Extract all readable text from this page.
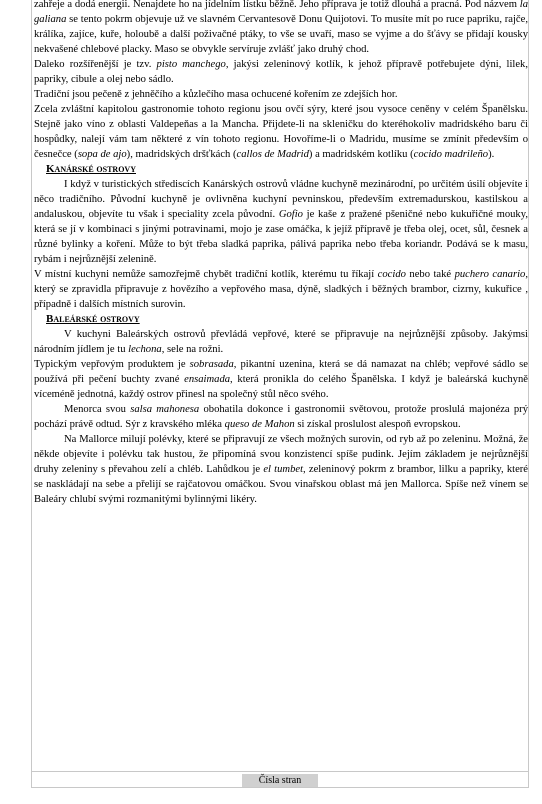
zahřeje a dodá energii. Nenajdete ho na jídelním lístku běžně. Jeho příprava je totiž dlouhá a pracná. Pod názvem la galiana se tento pokrm objevuje už ve slavném Cervantesově Donu Quijotovi. To musíte mít po ruce papriku, rajče, králíka, zajíce, kuře, holoubě a další poživačné ptáky, to vše se uvaří, maso se vyjme a do šťávy se přidají kousky nekvašené chlebové placky. Maso se obvykle servíruje zvlášť jako druhý chod.

Daleko rozšířenější je tzv. pisto manchego, jakýsi zeleninový kotlík, k jehož přípravě potřebujete dýni, lilek, papriky, cibule a olej nebo sádlo.

Tradiční jsou pečeně z jehněčího a kůzlečího masa ochucené kořením ze zdejších hor.

Zcela zvláštní kapitolou gastronomie tohoto regionu jsou ovčí sýry, které jsou vysoce ceněny v celém Španělsku. Stejně jako víno z oblasti Valdepeňas a la Mancha. Přijdete-li na skleničku do kteréhokoliv madridského baru či hospůdky, nalejí vám tam některé z vín tohoto regionu. Hovoříme-li o Madridu, musíme se zmínit především o česnečce (sopa de ajo), madridských dršťkách (callos de Madrid) a madridském kotlíku (cocido madrileño).

Kanárské ostrovy

I když v turistických střediscích Kanárských ostrovů vládne kuchyně mezinárodní, po určitém úsilí objevíte i něco tradičního. Původní kuchyně je ovlivněna kuchyní pevninskou, především extremadurskou, kastilskou a andaluskou, objevíte tu však i speciality zcela původní. Gofio je kaše z pražené pšeničné nebo kukuřičné mouky, která se jí v kombinaci s jinými potravinami, mojo je zase omáčka, k jejíž přípravě je třeba olej, ocet, sůl, česnek a různé bylinky a koření. Může to být třeba sladká paprika, pálivá paprika nebo třeba koriandr. Podává se k masu, rybám i nejrůznější zelenině.

V místní kuchyni nemůže samozřejmě chybět tradiční kotlík, kterému tu říkají cocido nebo také puchero canario, který se zpravidla připravuje z hovězího a vepřového masa, dýně, sladkých i běžných brambor, cizrny, kukuřice , případně i dalších místních surovin.

Baleárské ostrovy

V kuchyni Baleárských ostrovů převládá vepřové, které se připravuje na nejrůznější způsoby. Jakýmsi národním jídlem je tu lechona, sele na rožni.

Typickým vepřovým produktem je sobrasada, pikantní uzenina, která se dá namazat na chléb; vepřové sádlo se používá při pečení buchty zvané ensaimada, která pronikla do celého Španělska. I když je baleárská kuchyně víceméně jednotná, každý ostrov přinesl na společný stůl něco svého.

Menorca svou salsa mahonesa obohatila dokonce i gastronomii světovou, protože proslulá majonéza prý pochází právě odtud. Sýr z kravského mléka queso de Mahon si získal proslulost alespoň evropskou.

Na Mallorce milují polévky, které se připravují ze všech možných surovin, od ryb až po zeleninu. Možná, že někde objevíte i polévku tak hustou, že připomíná svou konzistencí spíše pudink. Jejím základem je nejrůznější druhy zeleniny s převahou zelí a chléb. Lahůdkou je el tumbet, zeleninový pokrm z brambor, lilku a papriky, které se naskládají na sebe a přelijí se rajčatovou omáčkou. Svou vinařskou oblast má jen Mallorca. Spíše než vínem se Baleáry chlubí svými rozmanitými bylinnými likéry.

Čísla stran
